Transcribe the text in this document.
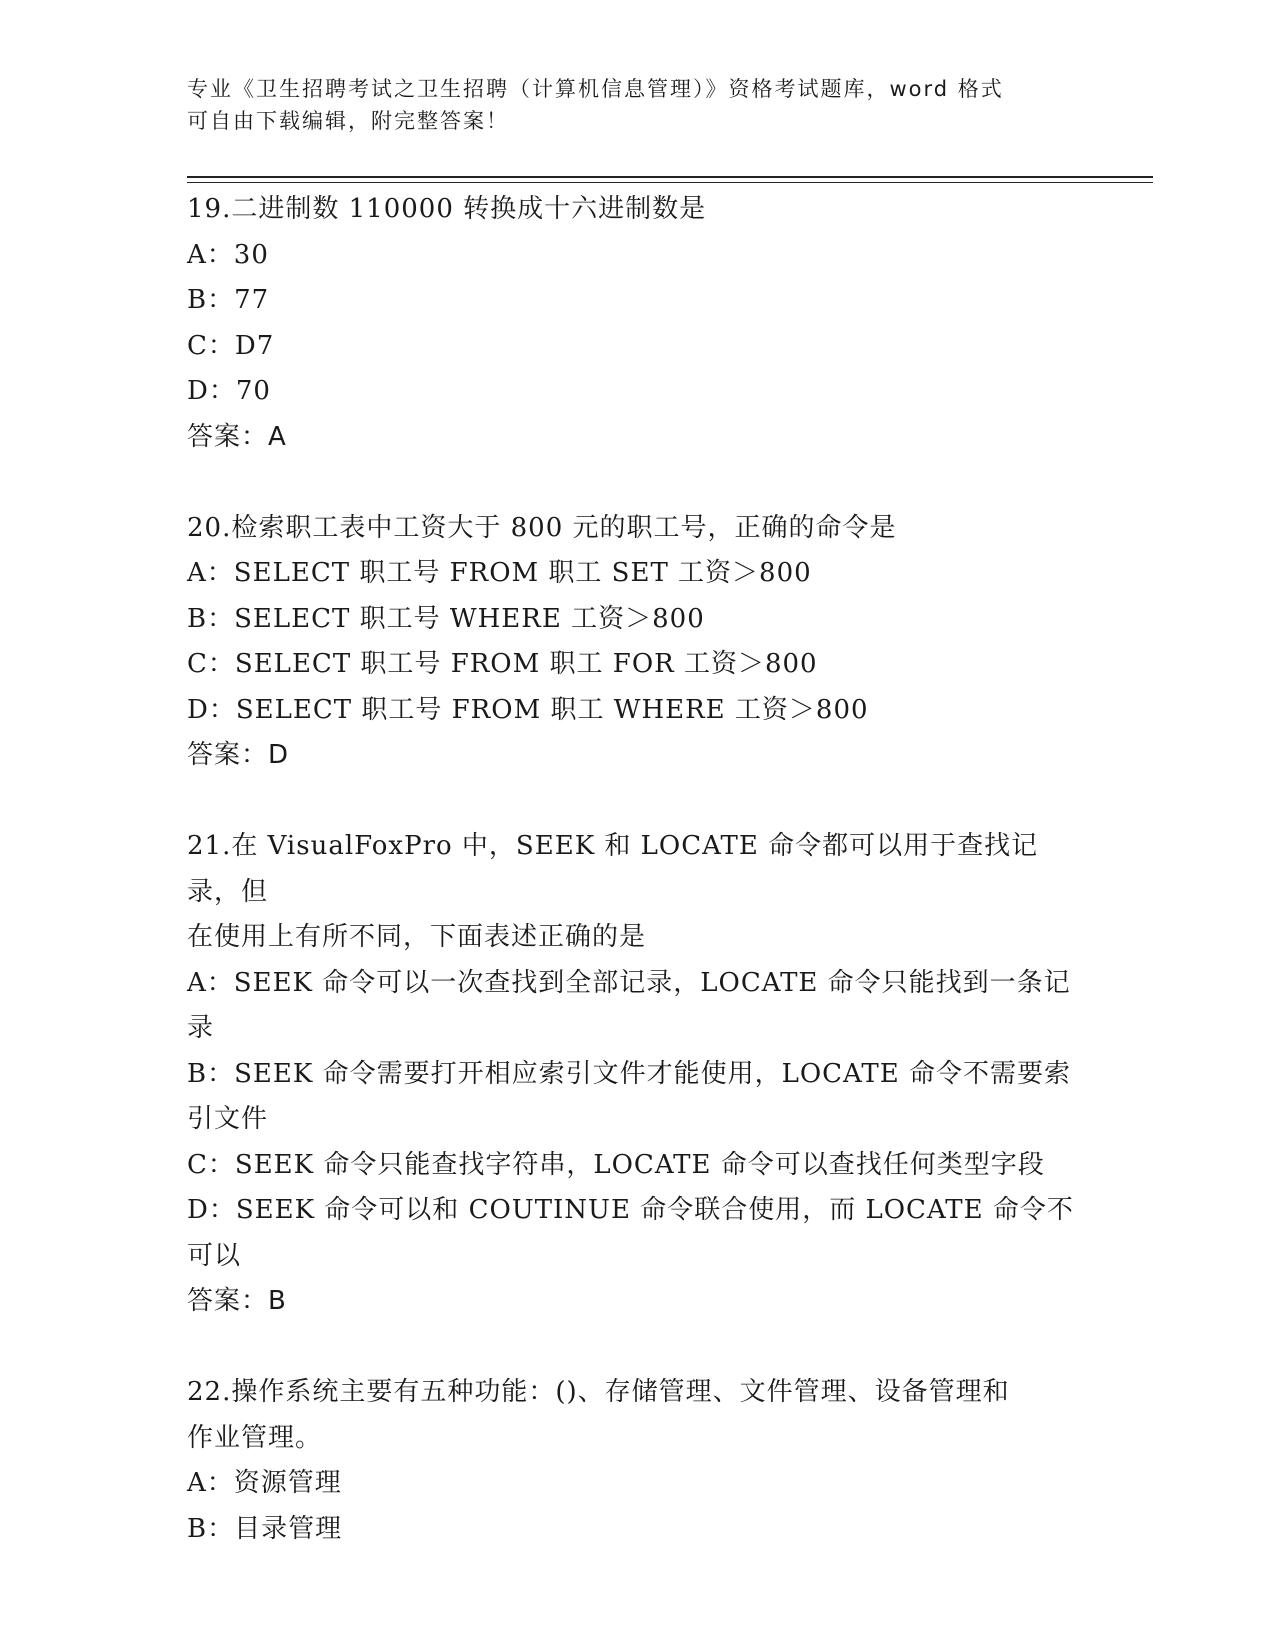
专业《卫生招聘考试之卫生招聘（计算机信息管理）》资格考试题库，word 格式
可自由下载编辑，附完整答案！
19.二进制数 110000 转换成十六进制数是
A：30
B：77
C：D7
D：70
答案：A
20.检索职工表中工资大于 800 元的职工号，正确的命令是
A：SELECT 职工号 FROM 职工 SET 工资＞800
B：SELECT 职工号 WHERE 工资＞800
C：SELECT 职工号 FROM 职工 FOR 工资＞800
D：SELECT 职工号 FROM 职工 WHERE 工资＞800
答案：D
21.在 VisualFoxPro 中，SEEK 和 LOCATE 命令都可以用于查找记录，但
在使用上有所不同，下面表述正确的是
A：SEEK 命令可以一次查找到全部记录，LOCATE 命令只能找到一条记
录
B：SEEK 命令需要打开相应索引文件才能使用，LOCATE 命令不需要索
引文件
C：SEEK 命令只能查找字符串，LOCATE 命令可以查找任何类型字段
D：SEEK 命令可以和 COUTINUE 命令联合使用，而 LOCATE 命令不可以
答案：B
22.操作系统主要有五种功能：()、存储管理、文件管理、设备管理和
作业管理。
A：资源管理
B：目录管理
